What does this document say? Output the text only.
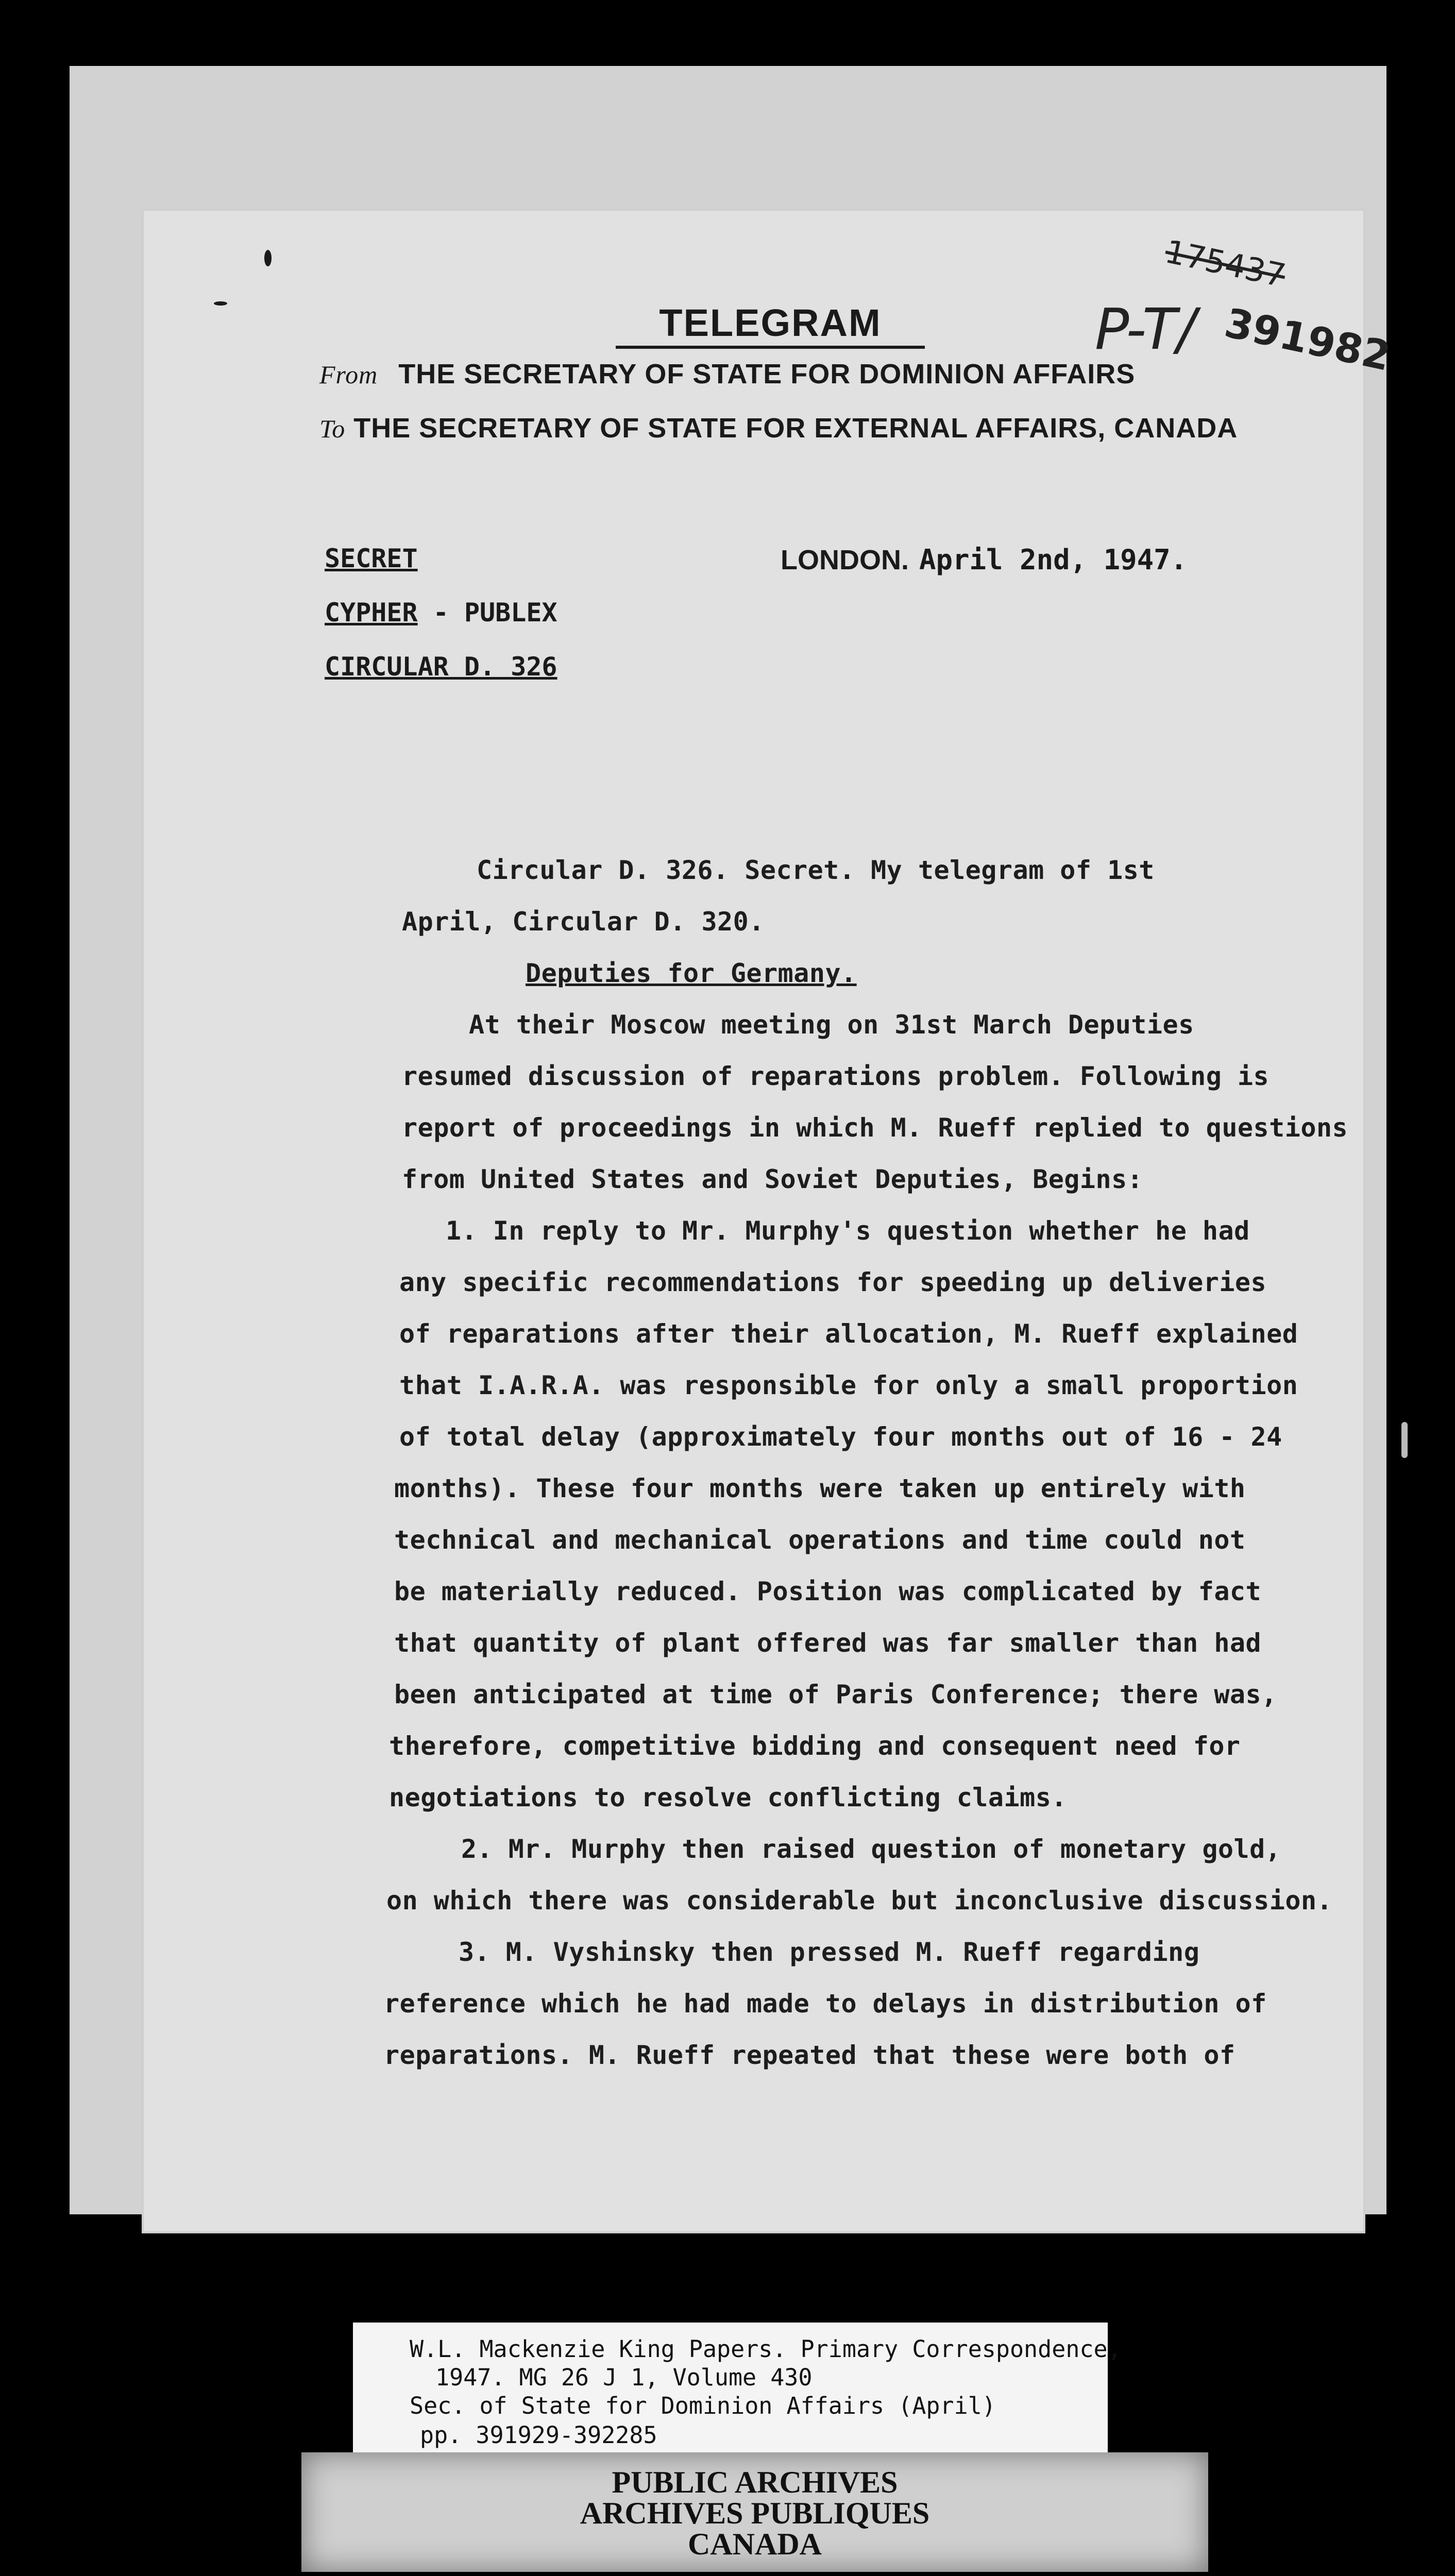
TELEGRAM
From THE SECRETARY OF STATE FOR DOMINION AFFAIRS
To THE SECRETARY OF STATE FOR EXTERNAL AFFAIRS, CANADA
175437
P-T/ 391982
SECRET
CYPHER - PUBLEX
CIRCULAR D. 326
LONDON. April 2nd, 1947.
Circular D. 326. Secret. My telegram of 1st
April, Circular D. 320.
Deputies for Germany.
At their Moscow meeting on 31st March Deputies
resumed discussion of reparations problem. Following is
report of proceedings in which M. Rueff replied to questions
from United States and Soviet Deputies, Begins:
1. In reply to Mr. Murphy's question whether he had
any specific recommendations for speeding up deliveries
of reparations after their allocation, M. Rueff explained
that I.A.R.A. was responsible for only a small proportion
of total delay (approximately four months out of 16 - 24
months). These four months were taken up entirely with
technical and mechanical operations and time could not
be materially reduced. Position was complicated by fact
that quantity of plant offered was far smaller than had
been anticipated at time of Paris Conference; there was,
therefore, competitive bidding and consequent need for
negotiations to resolve conflicting claims.
2. Mr. Murphy then raised question of monetary gold,
on which there was considerable but inconclusive discussion.
3. M. Vyshinsky then pressed M. Rueff regarding
reference which he had made to delays in distribution of
reparations. M. Rueff repeated that these were both of
W.L. Mackenzie King Papers. Primary Correspondence,
1947. MG 26 J 1, Volume 430
Sec. of State for Dominion Affairs (April)
pp. 391929-392285
PUBLIC ARCHIVES
ARCHIVES PUBLIQUES
CANADA
